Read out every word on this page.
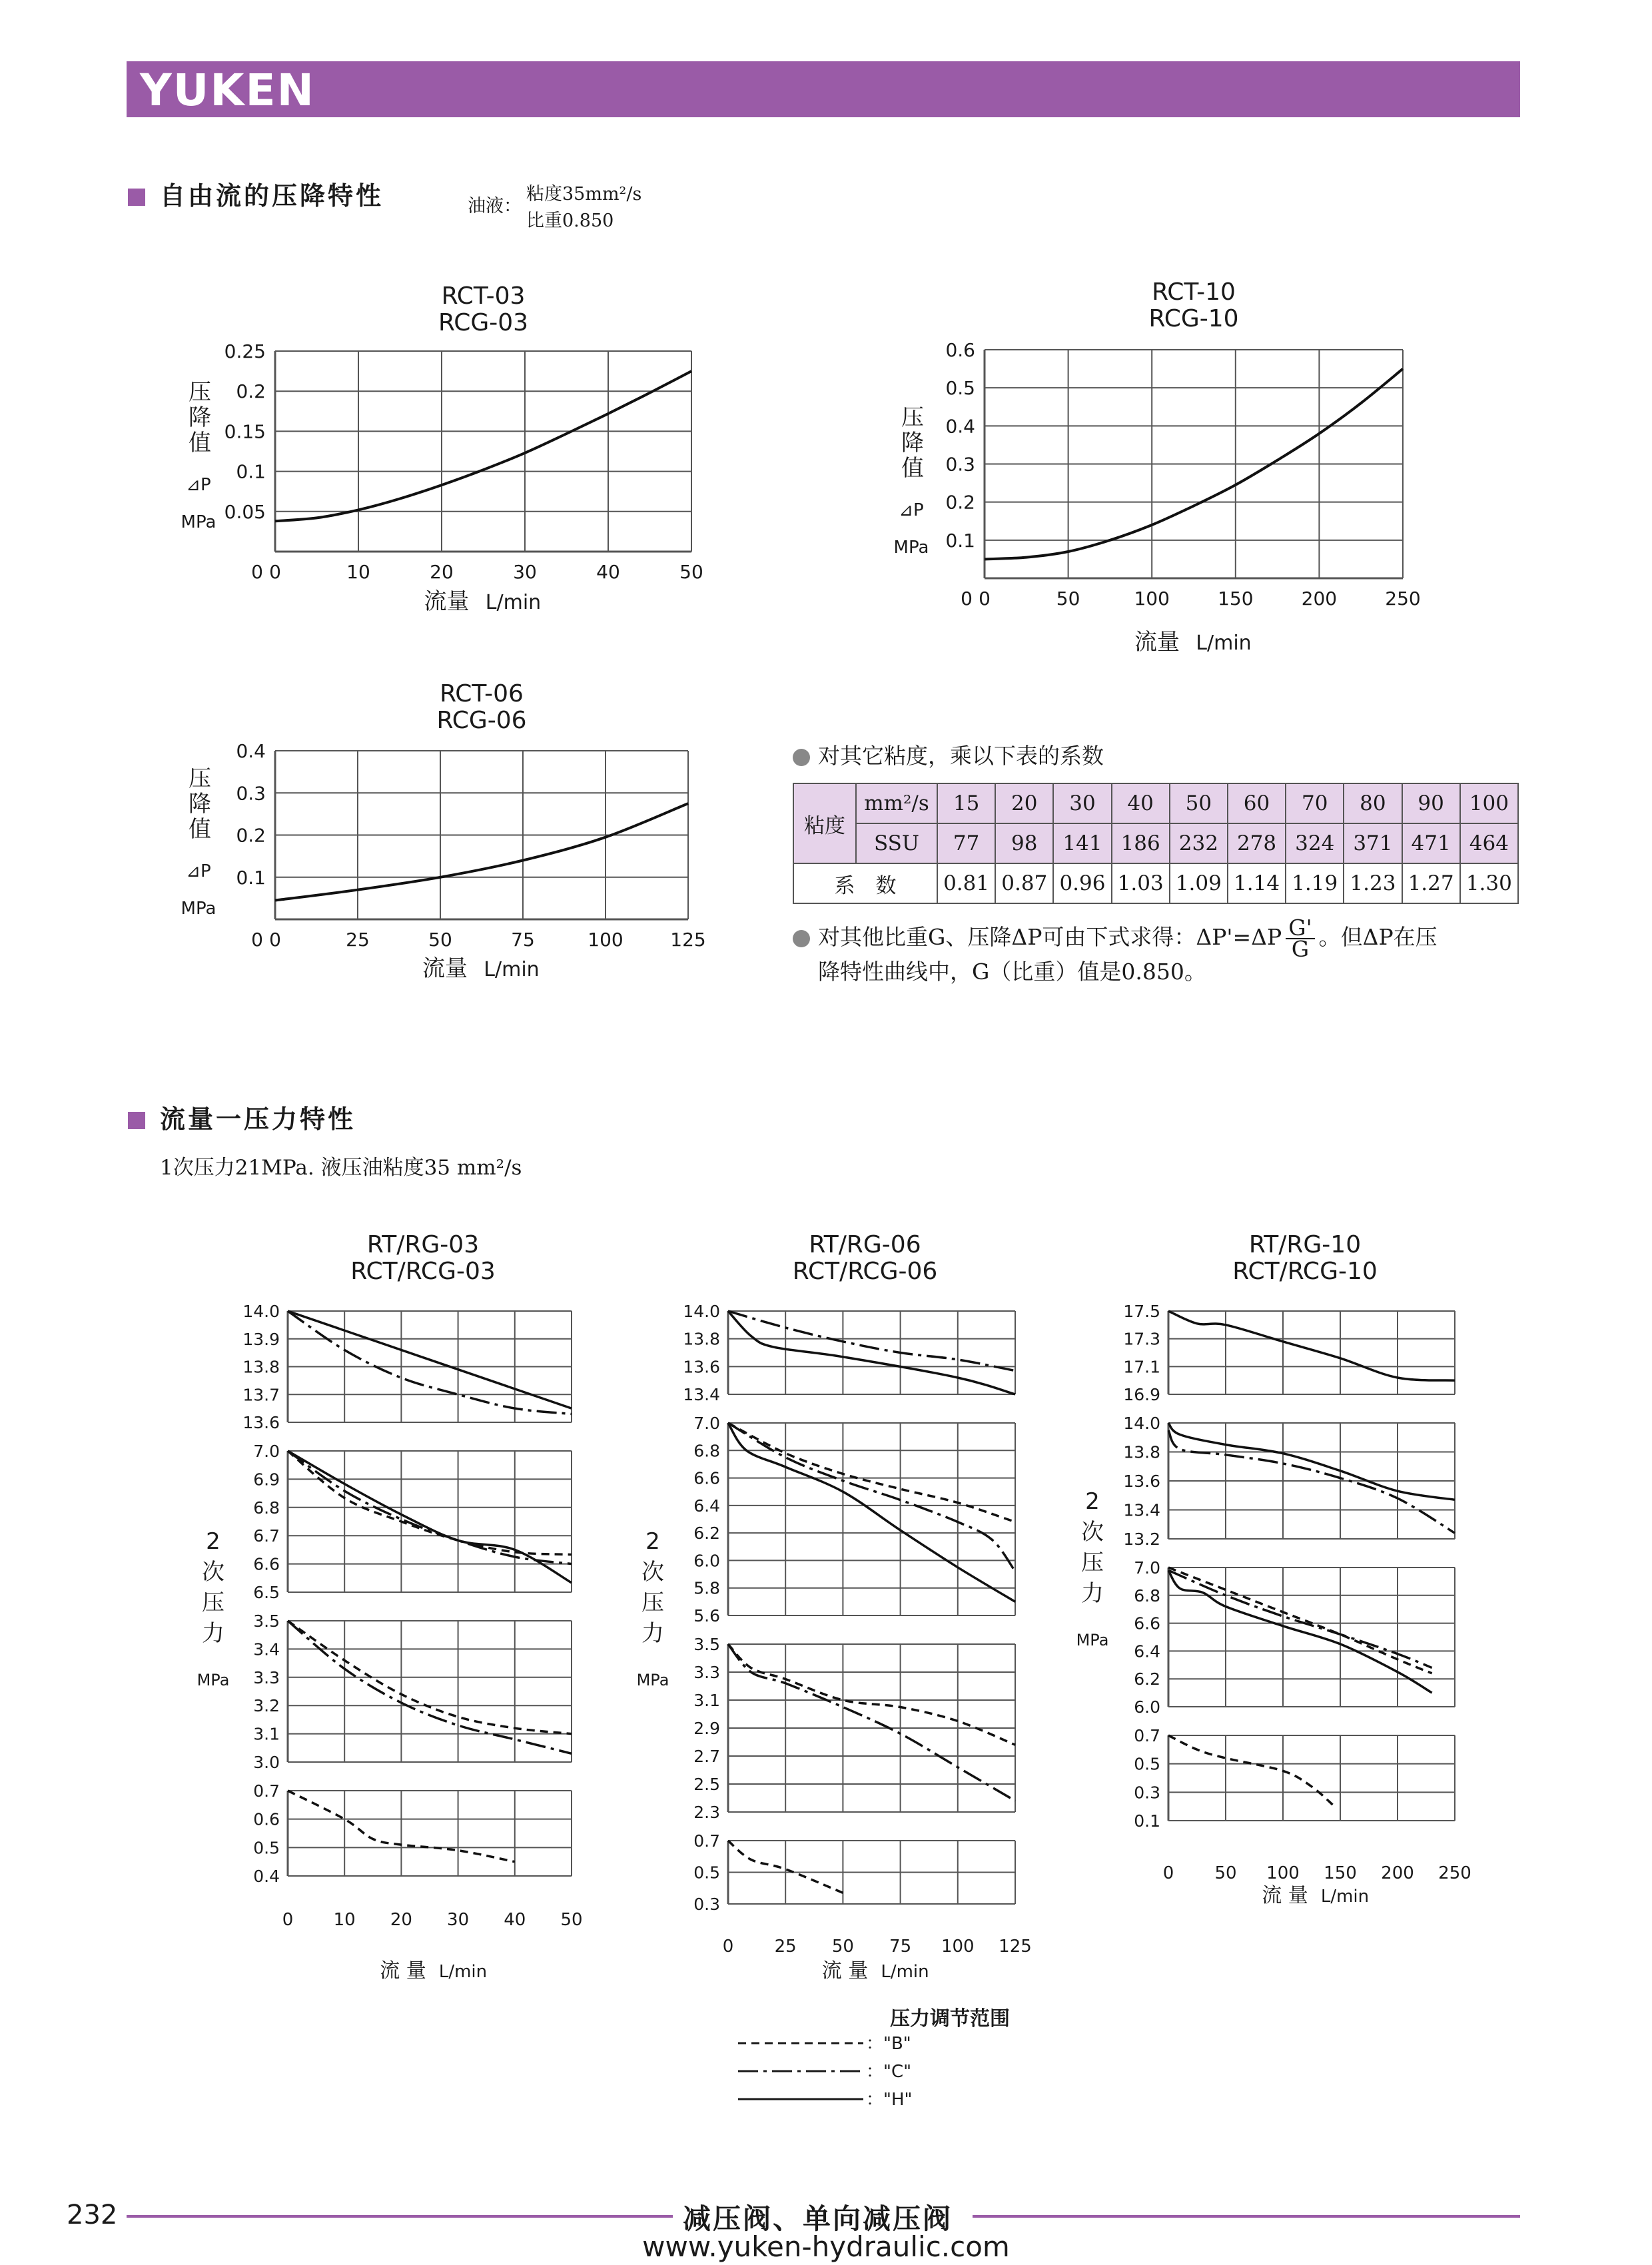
YUKEN
自由流的压降特性	油液：
粘度35mm²/s
比重0.850
RCT-03
RCG-03
0	10	20	30	40	50
0.05
0.1
0.15
0.2
0.25
0
压
降
值
⊿P
MPa
流量 L/min
RCT-10
RCG-10
0	50	100	150	200	250
0.1
0.2
0.3
0.4
0.5
0.6
0
压
降
值
⊿P
MPa
流量 L/min
RCT-06
RCG-06
0	25	50	75	100	125
0.1
0.2
0.3
0.4
0
压
降
值
⊿P
MPa
流量 L/min
RT/RG-03
RCT/RCG-03
14.0
13.9
13.8
13.7
13.6
7.0
6.9
6.8
6.7
6.6
6.5
3.5
3.4
3.3
3.2
3.1
3.0
0.7
0.6
0.5
0.4
0 10 20 30 40 50
2
次
压
力
MPa
流 量 L/min
RT/RG-06
RCT/RCG-06
14.0
13.8
13.6
13.4
7.0
6.8
6.6
6.4
6.2
6.0
5.8
5.6
3.5
3.3
3.1
2.9
2.7
2.5
2.3
0.7
0.5
0.3
0 25 50 75 100 125
2
次
压
力
MPa
流 量 L/min
RT/RG-10
RCT/RCG-10
17.5
17.3
17.1
16.9
14.0
13.8
13.6
13.4
13.2
7.0
6.8
6.6
6.4
6.2
6.0
0.7
0.5
0.3
0.1
0 50 100 150 200 250
2
次
压
力
MPa
流 量 L/min
对其它粘度，乘以下表的系数
粘度	mm²/s	15	20	30	40	50	60	70	80	90	100
	SSU	77	98	141	186	232	278	324	371	471	464
系　数		0.81	0.87	0.96	1.03	1.09	1.14	1.19	1.23	1.27	1.30
对其他比重G、压降ΔP可由下式求得：$\Delta P'=\Delta P \frac{G'}{G}$ 。但ΔP在压
降特性曲线中，G（比重）值是0.850。
流量一压力特性
1次压力21MPa. 液压油粘度35 mm²/s
压力调节范围
："B"
："C"
："H"
232	减压阀、单向减压阀
www.yuken-hydraulic.com
